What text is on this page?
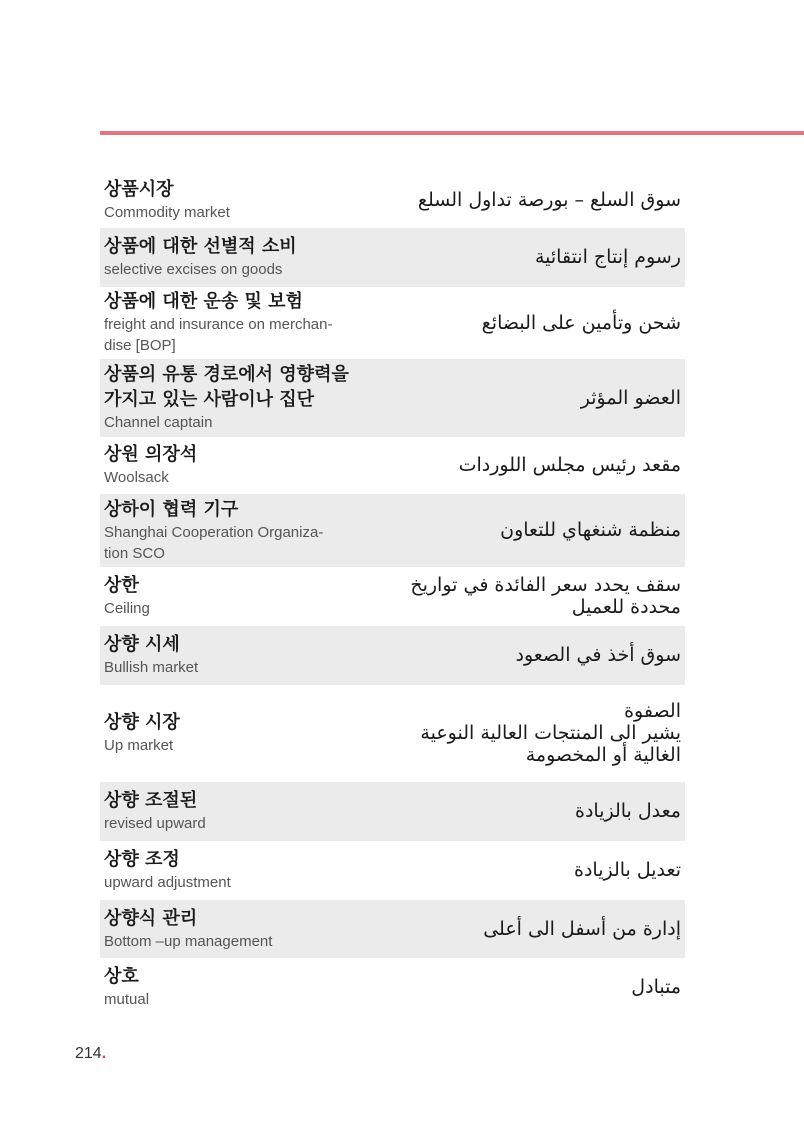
상품시장
Commodity market
سوق السلع – بورصة تداول السلع
상품에 대한 선별적 소비
selective excises on goods
رسوم إنتاج انتقائية
상품에 대한 운송 및 보험
freight and insurance on merchan-
dise [BOP]
شحن وتأمين على البضائع
상품의 유통 경로에서 영향력을
가지고 있는 사람이나 집단
Channel captain
العضو المؤثر
상원 의장석
Woolsack
مقعد رئيس مجلس اللوردات
상하이 협력 기구
Shanghai Cooperation Organiza-
tion SCO
منظمة شنغهاي للتعاون
상한
Ceiling
سقف يحدد سعر الفائدة في تواريخ
محددة للعميل
상향 시세
Bullish market
سوق أخذ في الصعود
상향 시장
Up market
الصفوة
يشير الى المنتجات العالية النوعية
الغالية أو المخصومة
상향 조절된
revised upward
معدل بالزيادة
상향 조정
upward adjustment
تعديل بالزيادة
상향식 관리
Bottom –up management
إدارة من أسفل الى أعلى
상호
mutual
متبادل
214.
